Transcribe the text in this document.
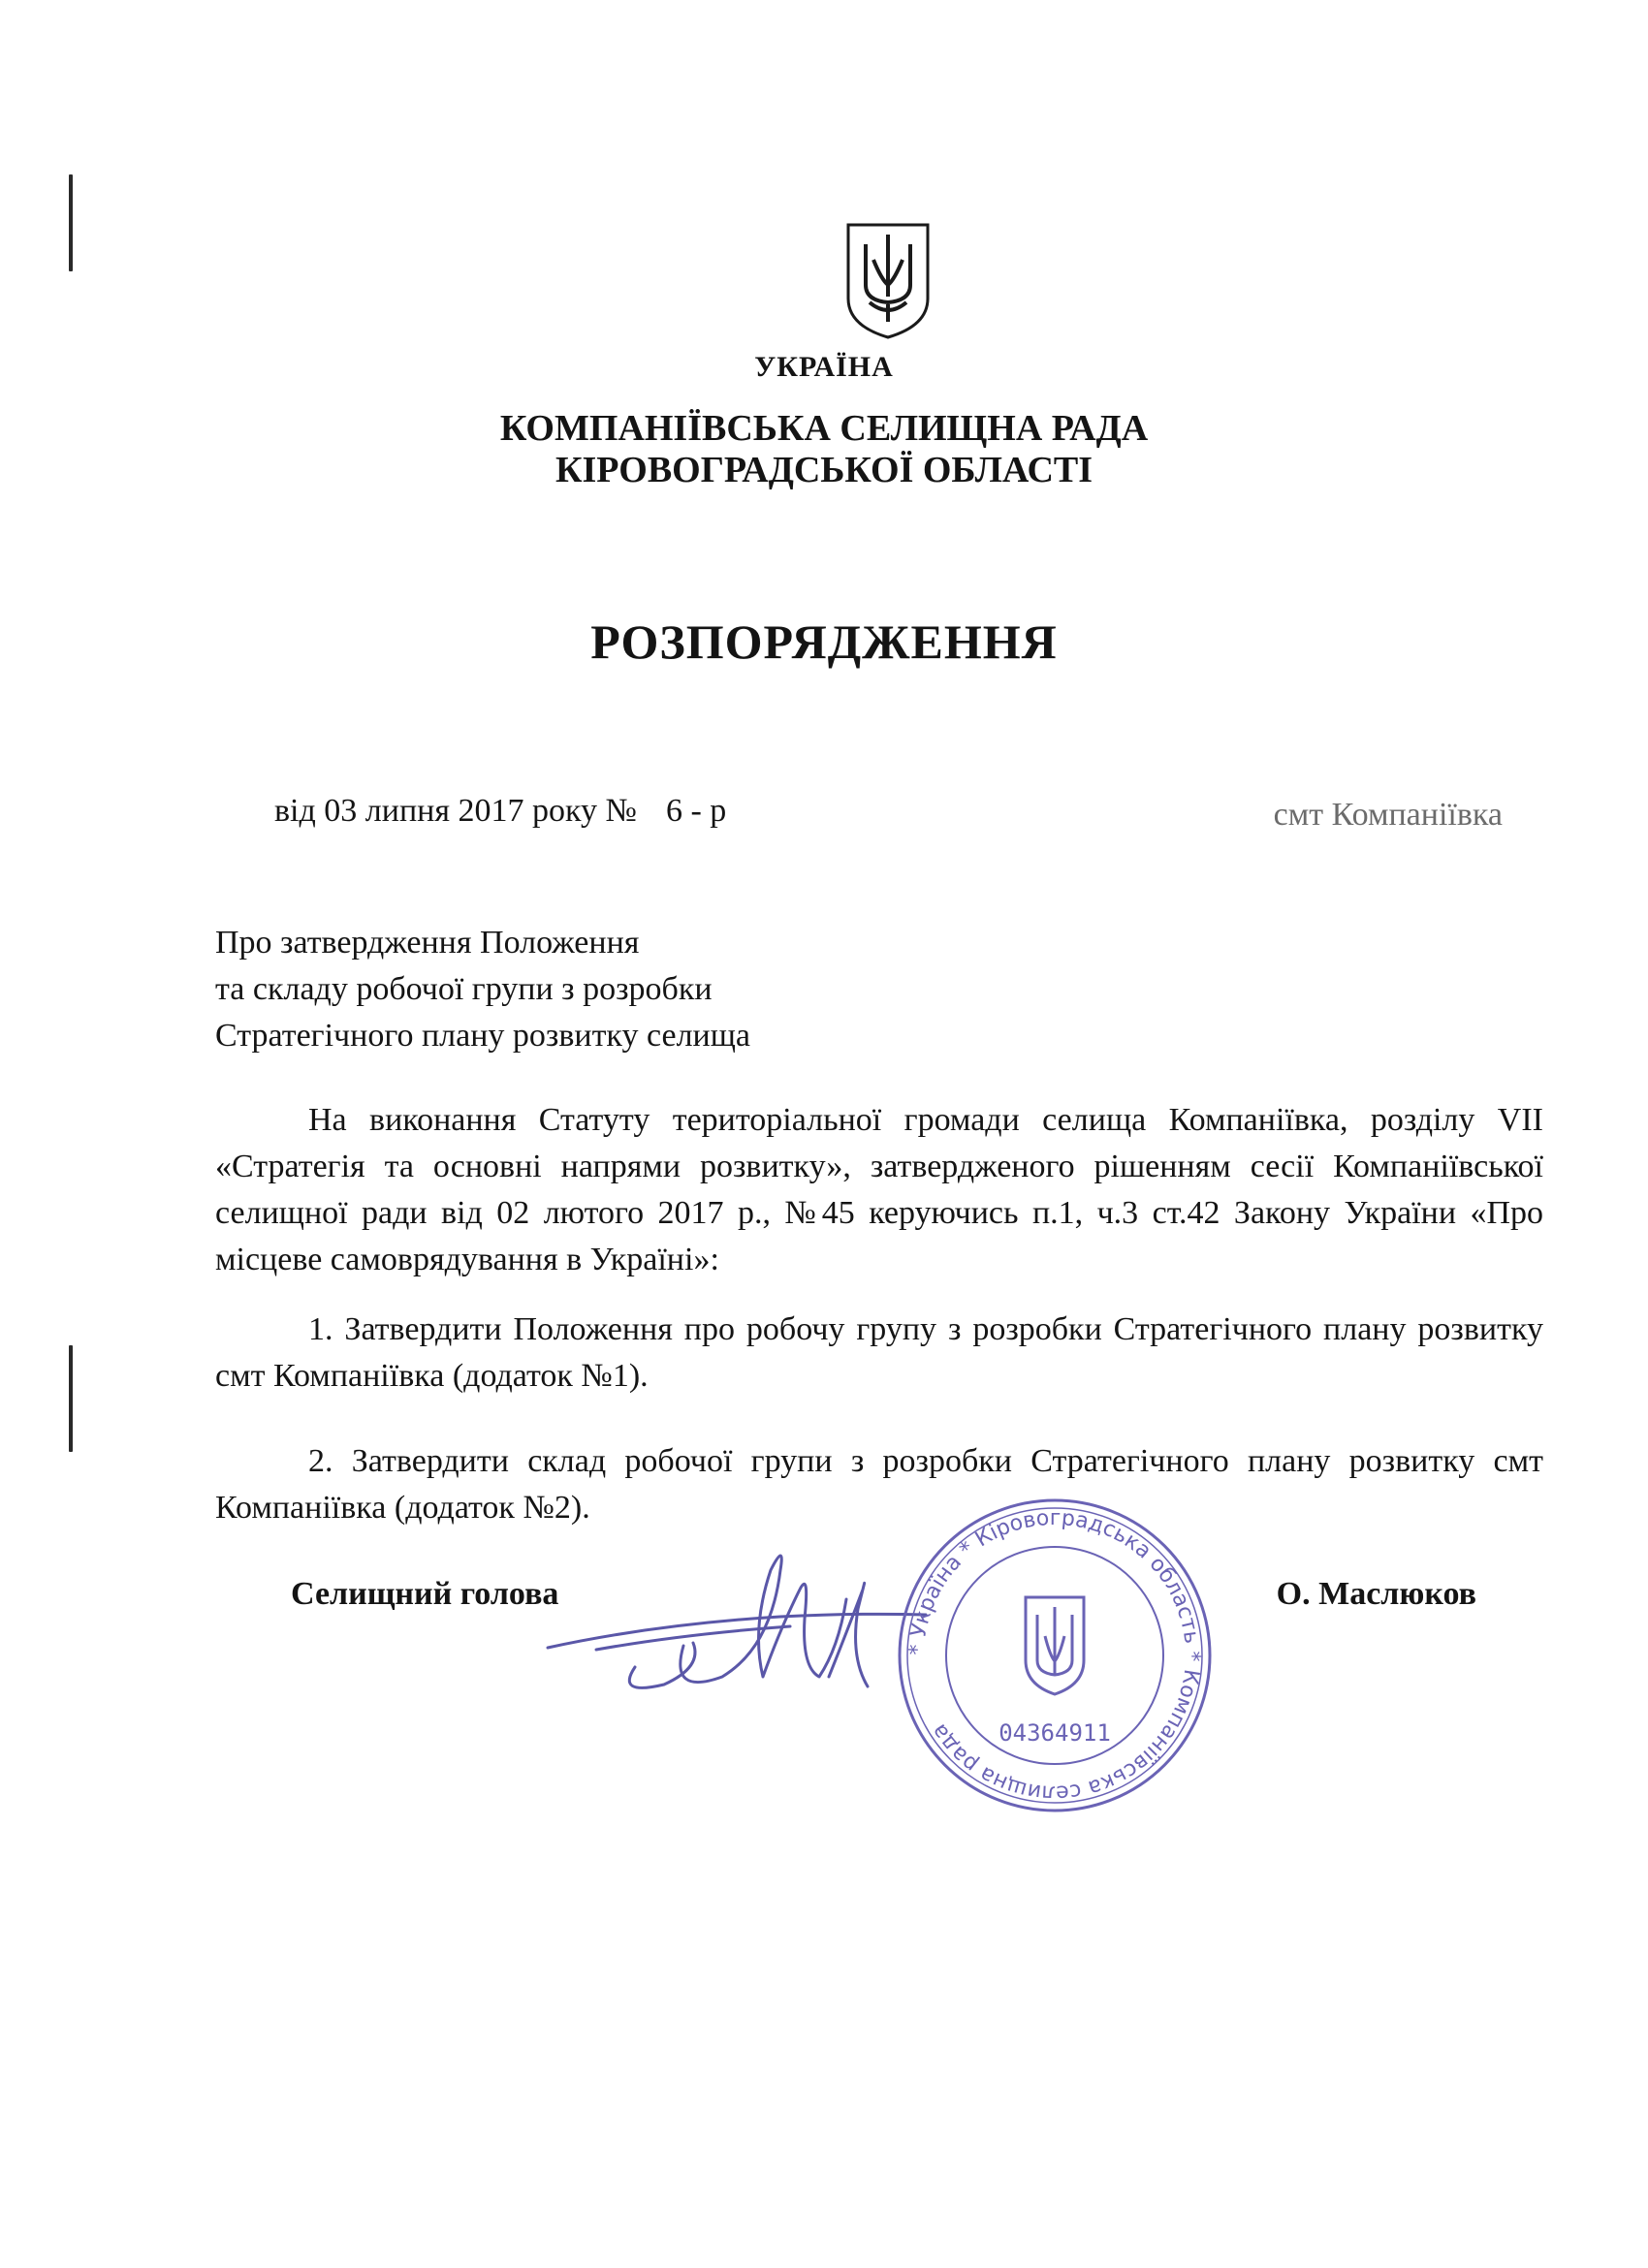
УКРАЇНА
КОМПАНІЇВСЬКА СЕЛИЩНА РАДА
КІРОВОГРАДСЬКОЇ ОБЛАСТІ
РОЗПОРЯДЖЕННЯ
від 03 липня 2017 року № 6 - р	смт Компаніївка
Про затвердження Положення
та складу робочої групи з розробки
Стратегічного плану розвитку селища

На виконання Статуту територіальної громади селища Компаніївка, розділу VII «Стратегія та основні напрями розвитку», затвердженого рішенням сесії Компаніївської селищної ради від 02 лютого 2017 р., №45 керуючись п.1, ч.3 ст.42 Закону України «Про місцеве самоврядування в Україні»:

1. Затвердити Положення про робочу групу з розробки Стратегічного плану розвитку смт Компаніївка (додаток №1).

2. Затвердити склад робочої групи з розробки Стратегічного плану розвитку смт Компаніївка (додаток №2).

Селищний голова	О. Маслюков
* Україна * Кіровоградська область * Компаніївська селищна рада	04364911
